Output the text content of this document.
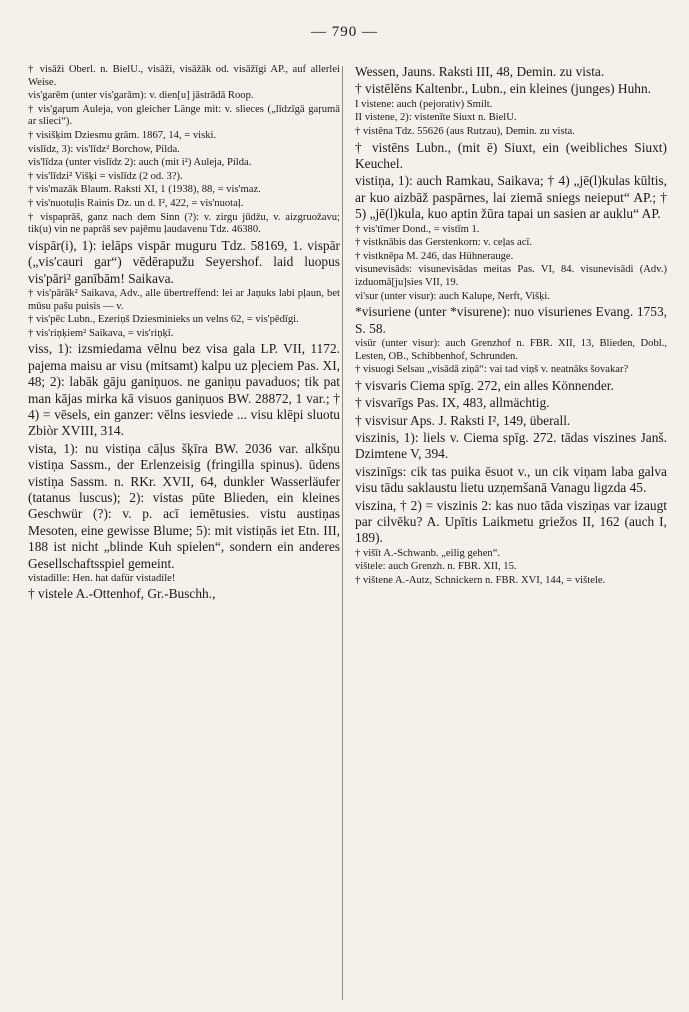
— 790 —

† visāži Oberl. n. BielU., visāži, visāžāk od. visāžīgi AP., auf allerlei Weise.

vis'garēm (unter vis'garām): v. dien[u] jāstrādā Roop.

† vis'gaŗum Auleja, von gleicher Länge mit: v. slieces („līdzīgā gaŗumā ar slieci“).

† visišķim Dziesmu grām. 1867, 14, = viski.

vislīdz, 3): vis'līdz² Borchow, Pilda.

vis'līdza (unter vislīdz 2): auch (mit i²) Auleja, Pilda.

† vis'līdzi² Višķi = vislīdz (2 od. 3?).

† vis'mazāk Blaum. Raksti XI, 1 (1938), 88, = vis'maz.

† vis'nuotuļis Rainis Dz. un d. I², 422, = vis'nuotaļ.

† vispaprāš, ganz nach dem Sinn (?): v. zirgu jūdžu, v. aizgruožavu; tik(u) vin ne paprāš sev pajēmu ļaudavenu Tdz. 46380.

vispār(i), 1): ielāps vispār muguru Tdz. 58169, 1. vispār („vis'cauri gar“) vēdērapužu Seyershof. laid luopus vis'pāri² ganībām! Saikava.

† vis'pārāk² Saikava, Adv., alle übertreffend: lei ar Jaņuks labi pļaun, bet mūsu pašu puisis — v.

† vis'pēc Lubn., Ezeriņš Dziesminieks un velns 62, = vis'pēdīgi.

† vis'riņķiem² Saikava, = vis'riņķī.

viss, 1): izsmiedama vēlnu bez visa gala LP. VII, 1172. pajema maisu ar visu (mitsamt) kalpu uz pļeciem Pas. XI, 48; 2): labāk gāju ganiņuos. ne ganiņu pavaduos; tik pat man kājas mirka kā visuos ganiņuos BW. 28872, 1 var.; † 4) = vēsels, ein ganzer: vēlns iesviede ... visu klēpi sluotu Zbiòr XVIII, 314.

vista, 1): nu vistiņa cāļus šķīra BW. 2036 var. alkšņu vistiņa Sassm., der Erlenzeisig (fringilla spinus). ūdens vistiņa Sassm. n. RKr. XVII, 64, dunkler Wasserläufer (tatanus luscus); 2): vistas pūte Blieden, ein kleines Geschwür (?): v. p. acī iemētusies. vistu austiņas Mesoten, eine gewisse Blume; 5): mit vistiņās iet Etn. III, 188 ist nicht „blinde Kuh spielen“, sondern ein anderes Gesellschaftsspiel gemeint.

vistadille: Hen. hat dafür vistadile!

† vistele A.-Ottenhof, Gr.-Buschh.,

Wessen, Jauns. Raksti III, 48, Demin. zu vista.

† vistēlēns Kaltenbr., Lubn., ein kleines (junges) Huhn.

I vistene: auch (pejorativ) Smilt.

II vistene, 2): vistenīte Siuxt n. BielU.

† vistēna Tdz. 55626 (aus Rutzau), Demin. zu vista.

† vistēns Lubn., (mit ē) Siuxt, ein (weibliches Siuxt) Keuchel.

vistiņa, 1): auch Ramkau, Saikava; † 4) „jē(l)kulas kūltis, ar kuo aizbāž paspārnes, lai ziemā sniegs neieput“ AP.; † 5) „jē(l)kula, kuo aptin žūra tapai un sasien ar auklu“ AP.

† vis'tīmer Dond., = vistīm 1.

† vistknābis das Gerstenkorn: v. ceļas acī.

† vistknēpa M. 246, das Hühnerauge.

visunevisāds: visunevisādas meitas Pas. VI, 84. visunevisādi (Adv.) izduomā[ju]sies VII, 19.

vi'sur (unter visur): auch Kalupe, Nerft, Višķi.

*visuriene (unter *visurene): nuo visurienes Evang. 1753, S. 58.

visūr (unter visur): auch Grenzhof n. FBR. XII, 13, Blieden, Dobl., Lesten, OB., Schibbenhof, Schrunden.

† visuogi Selsau „visādā ziņā“: vai tad viņš v. neatnāks šovakar?

† visvaris Ciema spīg. 272, ein alles Könnender.

† visvarīgs Pas. IX, 483, allmächtig.

† visvisur Aps. J. Raksti I², 149, überall.

viszinis, 1): liels v. Ciema spīg. 272. tādas viszines Janš. Dzimtene V, 394.

viszinīgs: cik tas puika ēsuot v., un cik viņam laba galva visu tādu saklaustu lietu uzņemšanā Vanagu ligzda 45.

viszina, † 2) = viszinis 2: kas nuo tāda visziņas var izaugt par cilvēku? A. Upītis Laikmetu griežos II, 162 (auch I, 189).

† višīt A.-Schwanb. „eilig gehen“.

vištele: auch Grenzh. n. FBR. XII, 15.

† vištene A.-Autz, Schnickern n. FBR. XVI, 144, = vištele.
